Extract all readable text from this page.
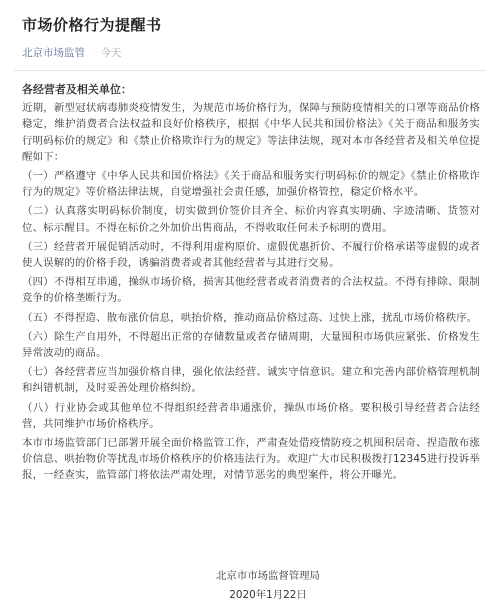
市场价格行为提醒书
北京市场监管 今天

各经营者及相关单位：

近期，新型冠状病毒肺炎疫情发生，为规范市场价格行为，保障与预防疫情相关的口罩等商品价格稳定，维护消费者合法权益和良好价格秩序，根据《中华人民共和国价格法》《关于商品和服务实行明码标价的规定》和《禁止价格欺诈行为的规定》等法律法规，现对本市各经营者及相关单位提醒如下：

（一）严格遵守《中华人民共和国价格法》《关于商品和服务实行明码标价的规定》《禁止价格欺诈行为的规定》等价格法律法规，自觉增强社会责任感，加强价格管控，稳定价格水平。

（二）认真落实明码标价制度，切实做到价签价目齐全、标价内容真实明确、字迹清晰、货签对位、标示醒目。不得在标价之外加价出售商品，不得收取任何未予标明的费用。

（三）经营者开展促销活动时，不得利用虚构原价、虚假优惠折价、不履行价格承诺等虚假的或者使人误解的的价格手段，诱骗消费者或者其他经营者与其进行交易。

（四）不得相互串通，操纵市场价格，损害其他经营者或者消费者的合法权益。不得有排除、限制竞争的价格垄断行为。

（五）不得捏造、散布涨价信息，哄抬价格，推动商品价格过高、过快上涨，扰乱市场价格秩序。

（六）除生产自用外，不得超出正常的存储数量或者存储周期，大量囤积市场供应紧张、价格发生异常波动的商品。

（七）各经营者应当加强价格自律，强化依法经营、诚实守信意识。建立和完善内部价格管理机制和纠错机制，及时妥善处理价格纠纷。

（八）行业协会或其他单位不得组织经营者串通涨价，操纵市场价格。要积极引导经营者合法经营，共同维护市场价格秩序。

本市市场监管部门已部署开展全面价格监管工作，严肃查处借疫情防疫之机囤积居奇、捏造散布涨价信息、哄抬物价等扰乱市场价格秩序的价格违法行为。欢迎广大市民积极拨打12345进行投诉举报，一经查实，监管部门将依法严肃处理，对情节恶劣的典型案件，将公开曝光。

北京市市场监督管理局
2020年1月22日
